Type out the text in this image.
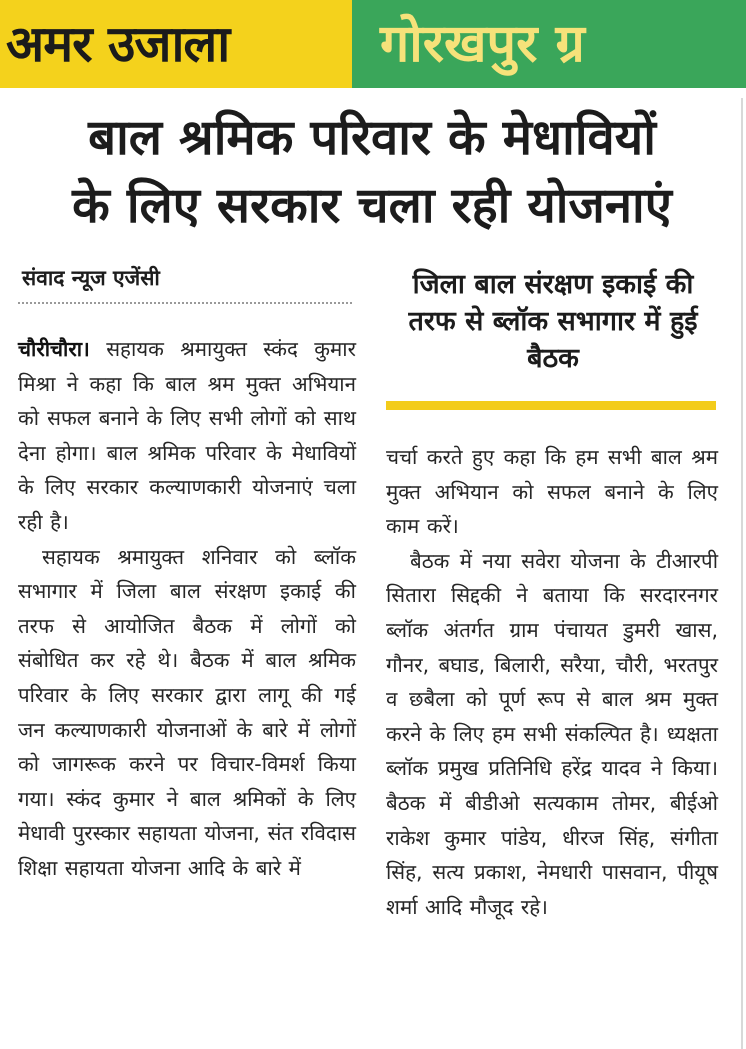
अमर उजाला	गोरखपुर ग्र
बाल श्रमिक परिवार के मेधावियों
के लिए सरकार चला रही योजनाएं
संवाद न्यूज एजेंसी	जिला बाल संरक्षण इकाई की तरफ से ब्लॉक सभागार में हुई बैठक

चौरीचौरा। सहायक श्रमायुक्त स्कंद कुमार मिश्रा ने कहा कि बाल श्रम मुक्त अभियान को सफल बनाने के लिए सभी लोगों को साथ देना होगा। बाल श्रमिक परिवार के मेधावियों के लिए सरकार कल्याणकारी योजनाएं चला रही है।

सहायक श्रमायुक्त शनिवार को ब्लॉक सभागार में जिला बाल संरक्षण इकाई की तरफ से आयोजित बैठक में लोगों को संबोधित कर रहे थे। बैठक में बाल श्रमिक परिवार के लिए सरकार द्वारा लागू की गई जन कल्याणकारी योजनाओं के बारे में लोगों को जागरूक करने पर विचार-विमर्श किया गया। स्कंद कुमार ने बाल श्रमिकों के लिए मेधावी पुरस्कार सहायता योजना, संत रविदास शिक्षा सहायता योजना आदि के बारे में

चर्चा करते हुए कहा कि हम सभी बाल श्रम मुक्त अभियान को सफल बनाने के लिए काम करें।

बैठक में नया सवेरा योजना के टीआरपी सितारा सिद्दकी ने बताया कि सरदारनगर ब्लॉक अंतर्गत ग्राम पंचायत डुमरी खास, गौनर, बघाड, बिलारी, सरैया, चौरी, भरतपुर व छबैला को पूर्ण रूप से बाल श्रम मुक्त करने के लिए हम सभी संकल्पित है। ध्यक्षता ब्लॉक प्रमुख प्रतिनिधि हरेंद्र यादव ने किया। बैठक में बीडीओ सत्यकाम तोमर, बीईओ राकेश कुमार पांडेय, धीरज सिंह, संगीता सिंह, सत्य प्रकाश, नेमधारी पासवान, पीयूष शर्मा आदि मौजूद रहे।
